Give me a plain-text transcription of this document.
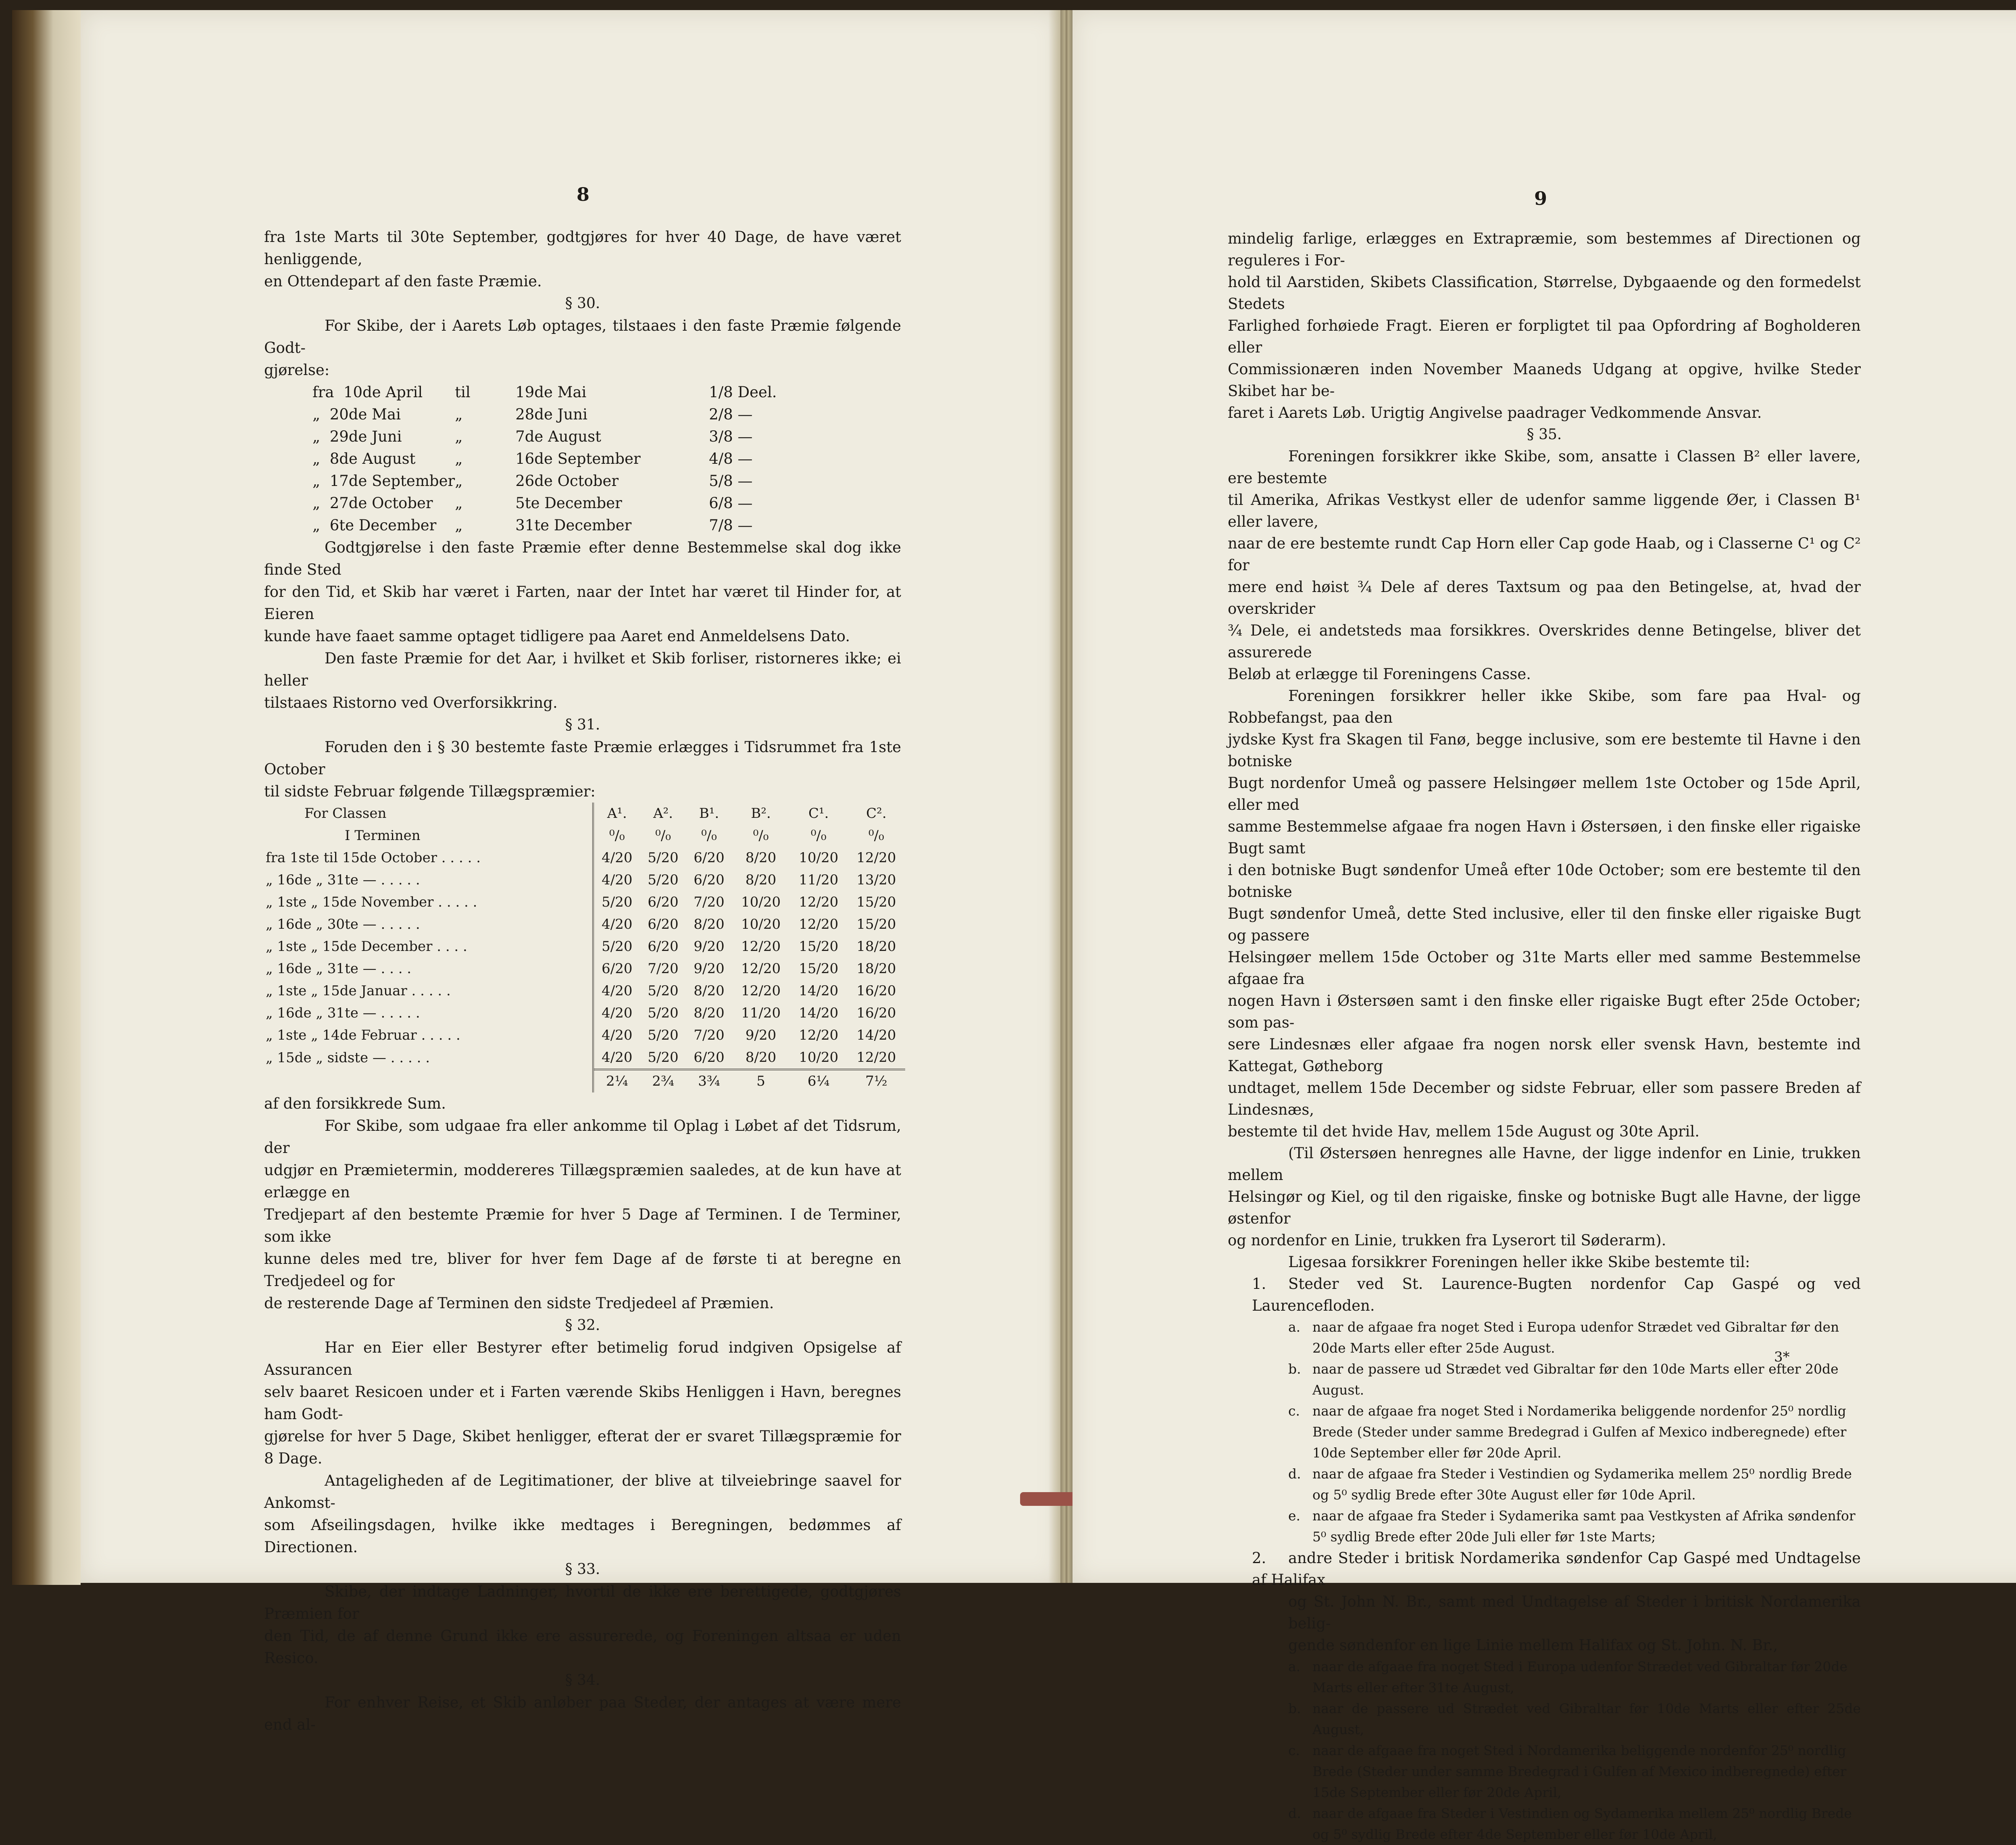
8

fra 1ste Marts til 30te September, godtgjøres for hver 40 Dage, de have været henliggende,

en Ottendepart af den faste Præmie.

§ 30.

For Skibe, der i Aarets Løb optages, tilstaaes i den faste Præmie følgende Godt-

gjørelse:

fra 10de April	til	19de Mai	1/8 Deel.
„ 20de Mai	„	28de Juni	2/8 —
„ 29de Juni	„	7de August	3/8 —
„ 8de August	„	16de September	4/8 —
„ 17de September	„	26de October	5/8 —
„ 27de October	„	5te December	6/8 —
„ 6te December	„	31te December	7/8 —

Godtgjørelse i den faste Præmie efter denne Bestemmelse skal dog ikke finde Sted

for den Tid, et Skib har været i Farten, naar der Intet har været til Hinder for, at Eieren

kunde have faaet samme optaget tidligere paa Aaret end Anmeldelsens Dato.

Den faste Præmie for det Aar, i hvilket et Skib forliser, ristorneres ikke; ei heller

tilstaaes Ristorno ved Overforsikkring.

§ 31.

Foruden den i § 30 bestemte faste Præmie erlægges i Tidsrummet fra 1ste October

til sidste Februar følgende Tillægspræmier:

For Classen	A¹.	A².	B¹.	B².	C¹.	C².
I Terminen	⁰/₀	⁰/₀	⁰/₀	⁰/₀	⁰/₀	⁰/₀
fra 1ste til 15de October . . . . .	4/20	5/20	6/20	8/20	10/20	12/20
„ 16de „ 31te — . . . . .	4/20	5/20	6/20	8/20	11/20	13/20
„ 1ste „ 15de November . . . . .	5/20	6/20	7/20	10/20	12/20	15/20
„ 16de „ 30te — . . . . .	4/20	6/20	8/20	10/20	12/20	15/20
„ 1ste „ 15de December . . . .	5/20	6/20	9/20	12/20	15/20	18/20
„ 16de „ 31te — . . . .	6/20	7/20	9/20	12/20	15/20	18/20
„ 1ste „ 15de Januar . . . . .	4/20	5/20	8/20	12/20	14/20	16/20
„ 16de „ 31te — . . . . .	4/20	5/20	8/20	11/20	14/20	16/20
„ 1ste „ 14de Februar . . . . .	4/20	5/20	7/20	9/20	12/20	14/20
„ 15de „ sidste — . . . . .	4/20	5/20	6/20	8/20	10/20	12/20
	2¼	2¾	3¾	5	6¼	7½

af den forsikkrede Sum.

For Skibe, som udgaae fra eller ankomme til Oplag i Løbet af det Tidsrum, der

udgjør en Præmietermin, moddereres Tillægspræmien saaledes, at de kun have at erlægge en

Tredjepart af den bestemte Præmie for hver 5 Dage af Terminen. I de Terminer, som ikke

kunne deles med tre, bliver for hver fem Dage af de første ti at beregne en Tredjedeel og for

de resterende Dage af Terminen den sidste Tredjedeel af Præmien.

§ 32.

Har en Eier eller Bestyrer efter betimelig forud indgiven Opsigelse af Assurancen

selv baaret Resicoen under et i Farten værende Skibs Henliggen i Havn, beregnes ham Godt-

gjørelse for hver 5 Dage, Skibet henligger, efterat der er svaret Tillægspræmie for 8 Dage.

Antageligheden af de Legitimationer, der blive at tilveiebringe saavel for Ankomst-

som Afseilingsdagen, hvilke ikke medtages i Beregningen, bedømmes af Directionen.

§ 33.

Skibe, der indtage Ladninger, hvortil de ikke ere berettigede, godtgjøres Præmien for

den Tid, de af denne Grund ikke ere assurerede, og Foreningen altsaa er uden Resico.

§ 34.

For enhver Reise, et Skib anløber paa Steder, der antages at være mere end al-

9

mindelig farlige, erlægges en Extrapræmie, som bestemmes af Directionen og reguleres i For-

hold til Aarstiden, Skibets Classification, Størrelse, Dybgaaende og den formedelst Stedets

Farlighed forhøiede Fragt. Eieren er forpligtet til paa Opfordring af Bogholderen eller

Commissionæren inden November Maaneds Udgang at opgive, hvilke Steder Skibet har be-

faret i Aarets Løb. Urigtig Angivelse paadrager Vedkommende Ansvar.

§ 35.

Foreningen forsikkrer ikke Skibe, som, ansatte i Classen B² eller lavere, ere bestemte

til Amerika, Afrikas Vestkyst eller de udenfor samme liggende Øer, i Classen B¹ eller lavere,

naar de ere bestemte rundt Cap Horn eller Cap gode Haab, og i Classerne C¹ og C² for

mere end høist ¾ Dele af deres Taxtsum og paa den Betingelse, at, hvad der overskrider

¾ Dele, ei andetsteds maa forsikkres. Overskrides denne Betingelse, bliver det assurerede

Beløb at erlægge til Foreningens Casse.

Foreningen forsikkrer heller ikke Skibe, som fare paa Hval- og Robbefangst, paa den

jydske Kyst fra Skagen til Fanø, begge inclusive, som ere bestemte til Havne i den botniske

Bugt nordenfor Umeå og passere Helsingøer mellem 1ste October og 15de April, eller med

samme Bestemmelse afgaae fra nogen Havn i Østersøen, i den finske eller rigaiske Bugt samt

i den botniske Bugt søndenfor Umeå efter 10de October; som ere bestemte til den botniske

Bugt søndenfor Umeå, dette Sted inclusive, eller til den finske eller rigaiske Bugt og passere

Helsingøer mellem 15de October og 31te Marts eller med samme Bestemmelse afgaae fra

nogen Havn i Østersøen samt i den finske eller rigaiske Bugt efter 25de October; som pas-

sere Lindesnæs eller afgaae fra nogen norsk eller svensk Havn, bestemte ind Kattegat, Gøtheborg

undtaget, mellem 15de December og sidste Februar, eller som passere Breden af Lindesnæs,

bestemte til det hvide Hav, mellem 15de August og 30te April.

(Til Østersøen henregnes alle Havne, der ligge indenfor en Linie, trukken mellem

Helsingør og Kiel, og til den rigaiske, finske og botniske Bugt alle Havne, der ligge østenfor

og nordenfor en Linie, trukken fra Lyserort til Søderarm).

Ligesaa forsikkrer Foreningen heller ikke Skibe bestemte til:

1. Steder ved St. Laurence-Bugten nordenfor Cap Gaspé og ved Laurencefloden.

a. naar de afgaae fra noget Sted i Europa udenfor Strædet ved Gibraltar før den

20de Marts eller efter 25de August.

b. naar de passere ud Strædet ved Gibraltar før den 10de Marts eller efter 20de

August.

c. naar de afgaae fra noget Sted i Nordamerika beliggende nordenfor 25⁰ nordlig

Brede (Steder under samme Bredegrad i Gulfen af Mexico indberegnede) efter

10de September eller før 20de April.

d. naar de afgaae fra Steder i Vestindien og Sydamerika mellem 25⁰ nordlig Brede

og 5⁰ sydlig Brede efter 30te August eller før 10de April.

e. naar de afgaae fra Steder i Sydamerika samt paa Vestkysten af Afrika søndenfor

5⁰ sydlig Brede efter 20de Juli eller før 1ste Marts;

2. andre Steder i britisk Nordamerika søndenfor Cap Gaspé med Undtagelse af Halifax

og St. John N. Br., samt med Undtagelse af Steder i britisk Nordamerika belig-

gende søndenfor en lige Linie mellem Halifax og St. John. N. Br.,

a. naar de afgaae fra noget Sted i Europa udenfor Strædet ved Gibraltar før 20de

Marts eller efter 31te August,

b. naar de passere ud Strædet ved Gibraltar før 10de Marts eller efter 25de August,

c. naar de afgaae fra noget Sted i Nordamerika beliggende nordenfor 25⁰ nordlig

Brede (Steder under samme Bredegrad i Gulfen af Mexico indberegnede) efter

15de September eller før 20de April,

d. naar de afgaae fra Steder i Vestindien og Sydamerika mellem 25⁰ nordlig Brede

og 5⁰ sydlig Brede efter 4de September eller før 10de April,

3*
